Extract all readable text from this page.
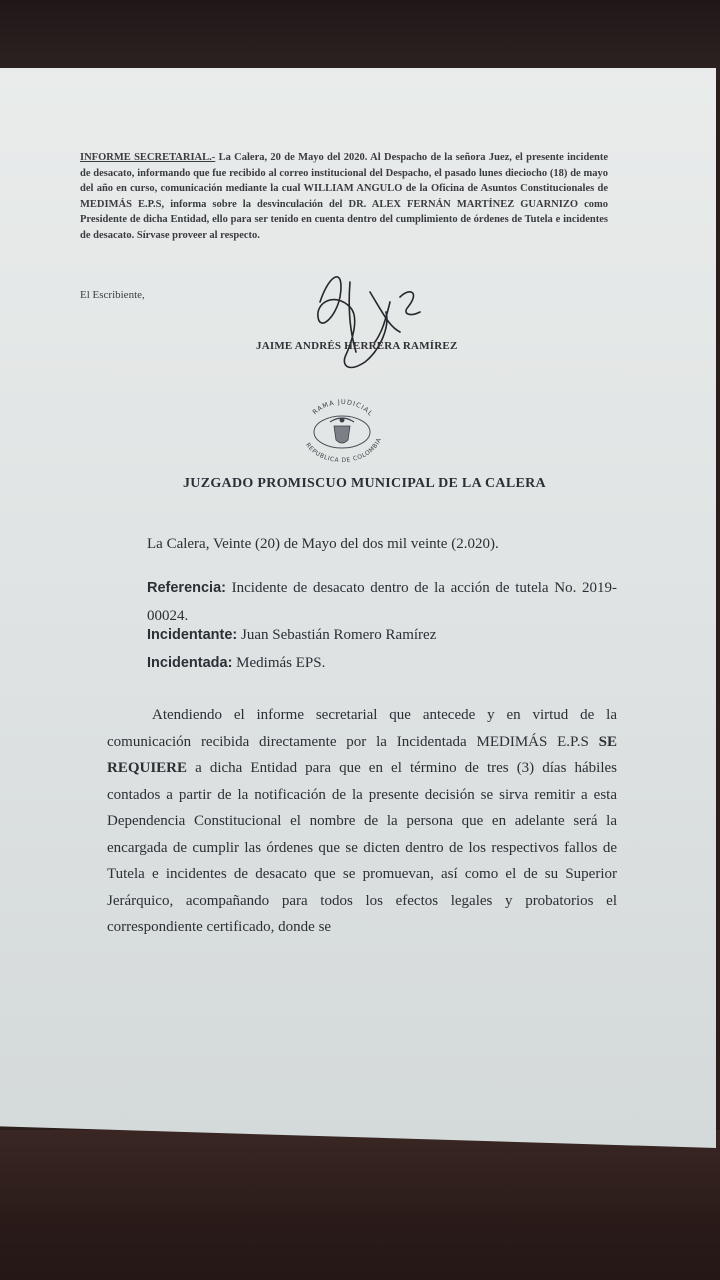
INFORME SECRETARIAL.- La Calera, 20 de Mayo del 2020. Al Despacho de la señora Juez, el presente incidente de desacato, informando que fue recibido al correo institucional del Despacho, el pasado lunes dieciocho (18) de mayo del año en curso, comunicación mediante la cual WILLIAM ANGULO de la Oficina de Asuntos Constitucionales de MEDIMÁS E.P.S, informa sobre la desvinculación del DR. ALEX FERNÁN MARTÍNEZ GUARNIZO como Presidente de dicha Entidad, ello para ser tenido en cuenta dentro del cumplimiento de órdenes de Tutela e incidentes de desacato. Sírvase proveer al respecto.
El Escribiente,
JAIME ANDRÉS HERRERA RAMÍREZ
RAMA JUDICIAL
REPUBLICA DE COLOMBIA
JUZGADO PROMISCUO MUNICIPAL DE LA CALERA
La Calera, Veinte (20) de Mayo del dos mil veinte (2.020).
Referencia: Incidente de desacato dentro de la acción de tutela No. 2019-00024.
Incidentante: Juan Sebastián Romero Ramírez
Incidentada: Medimás EPS.
Atendiendo el informe secretarial que antecede y en virtud de la comunicación recibida directamente por la Incidentada MEDIMÁS E.P.S SE REQUIERE a dicha Entidad para que en el término de tres (3) días hábiles contados a partir de la notificación de la presente decisión se sirva remitir a esta Dependencia Constitucional el nombre de la persona que en adelante será la encargada de cumplir las órdenes que se dicten dentro de los respectivos fallos de Tutela e incidentes de desacato que se promuevan, así como el de su Superior Jerárquico, acompañando para todos los efectos legales y probatorios el correspondiente certificado, donde se
